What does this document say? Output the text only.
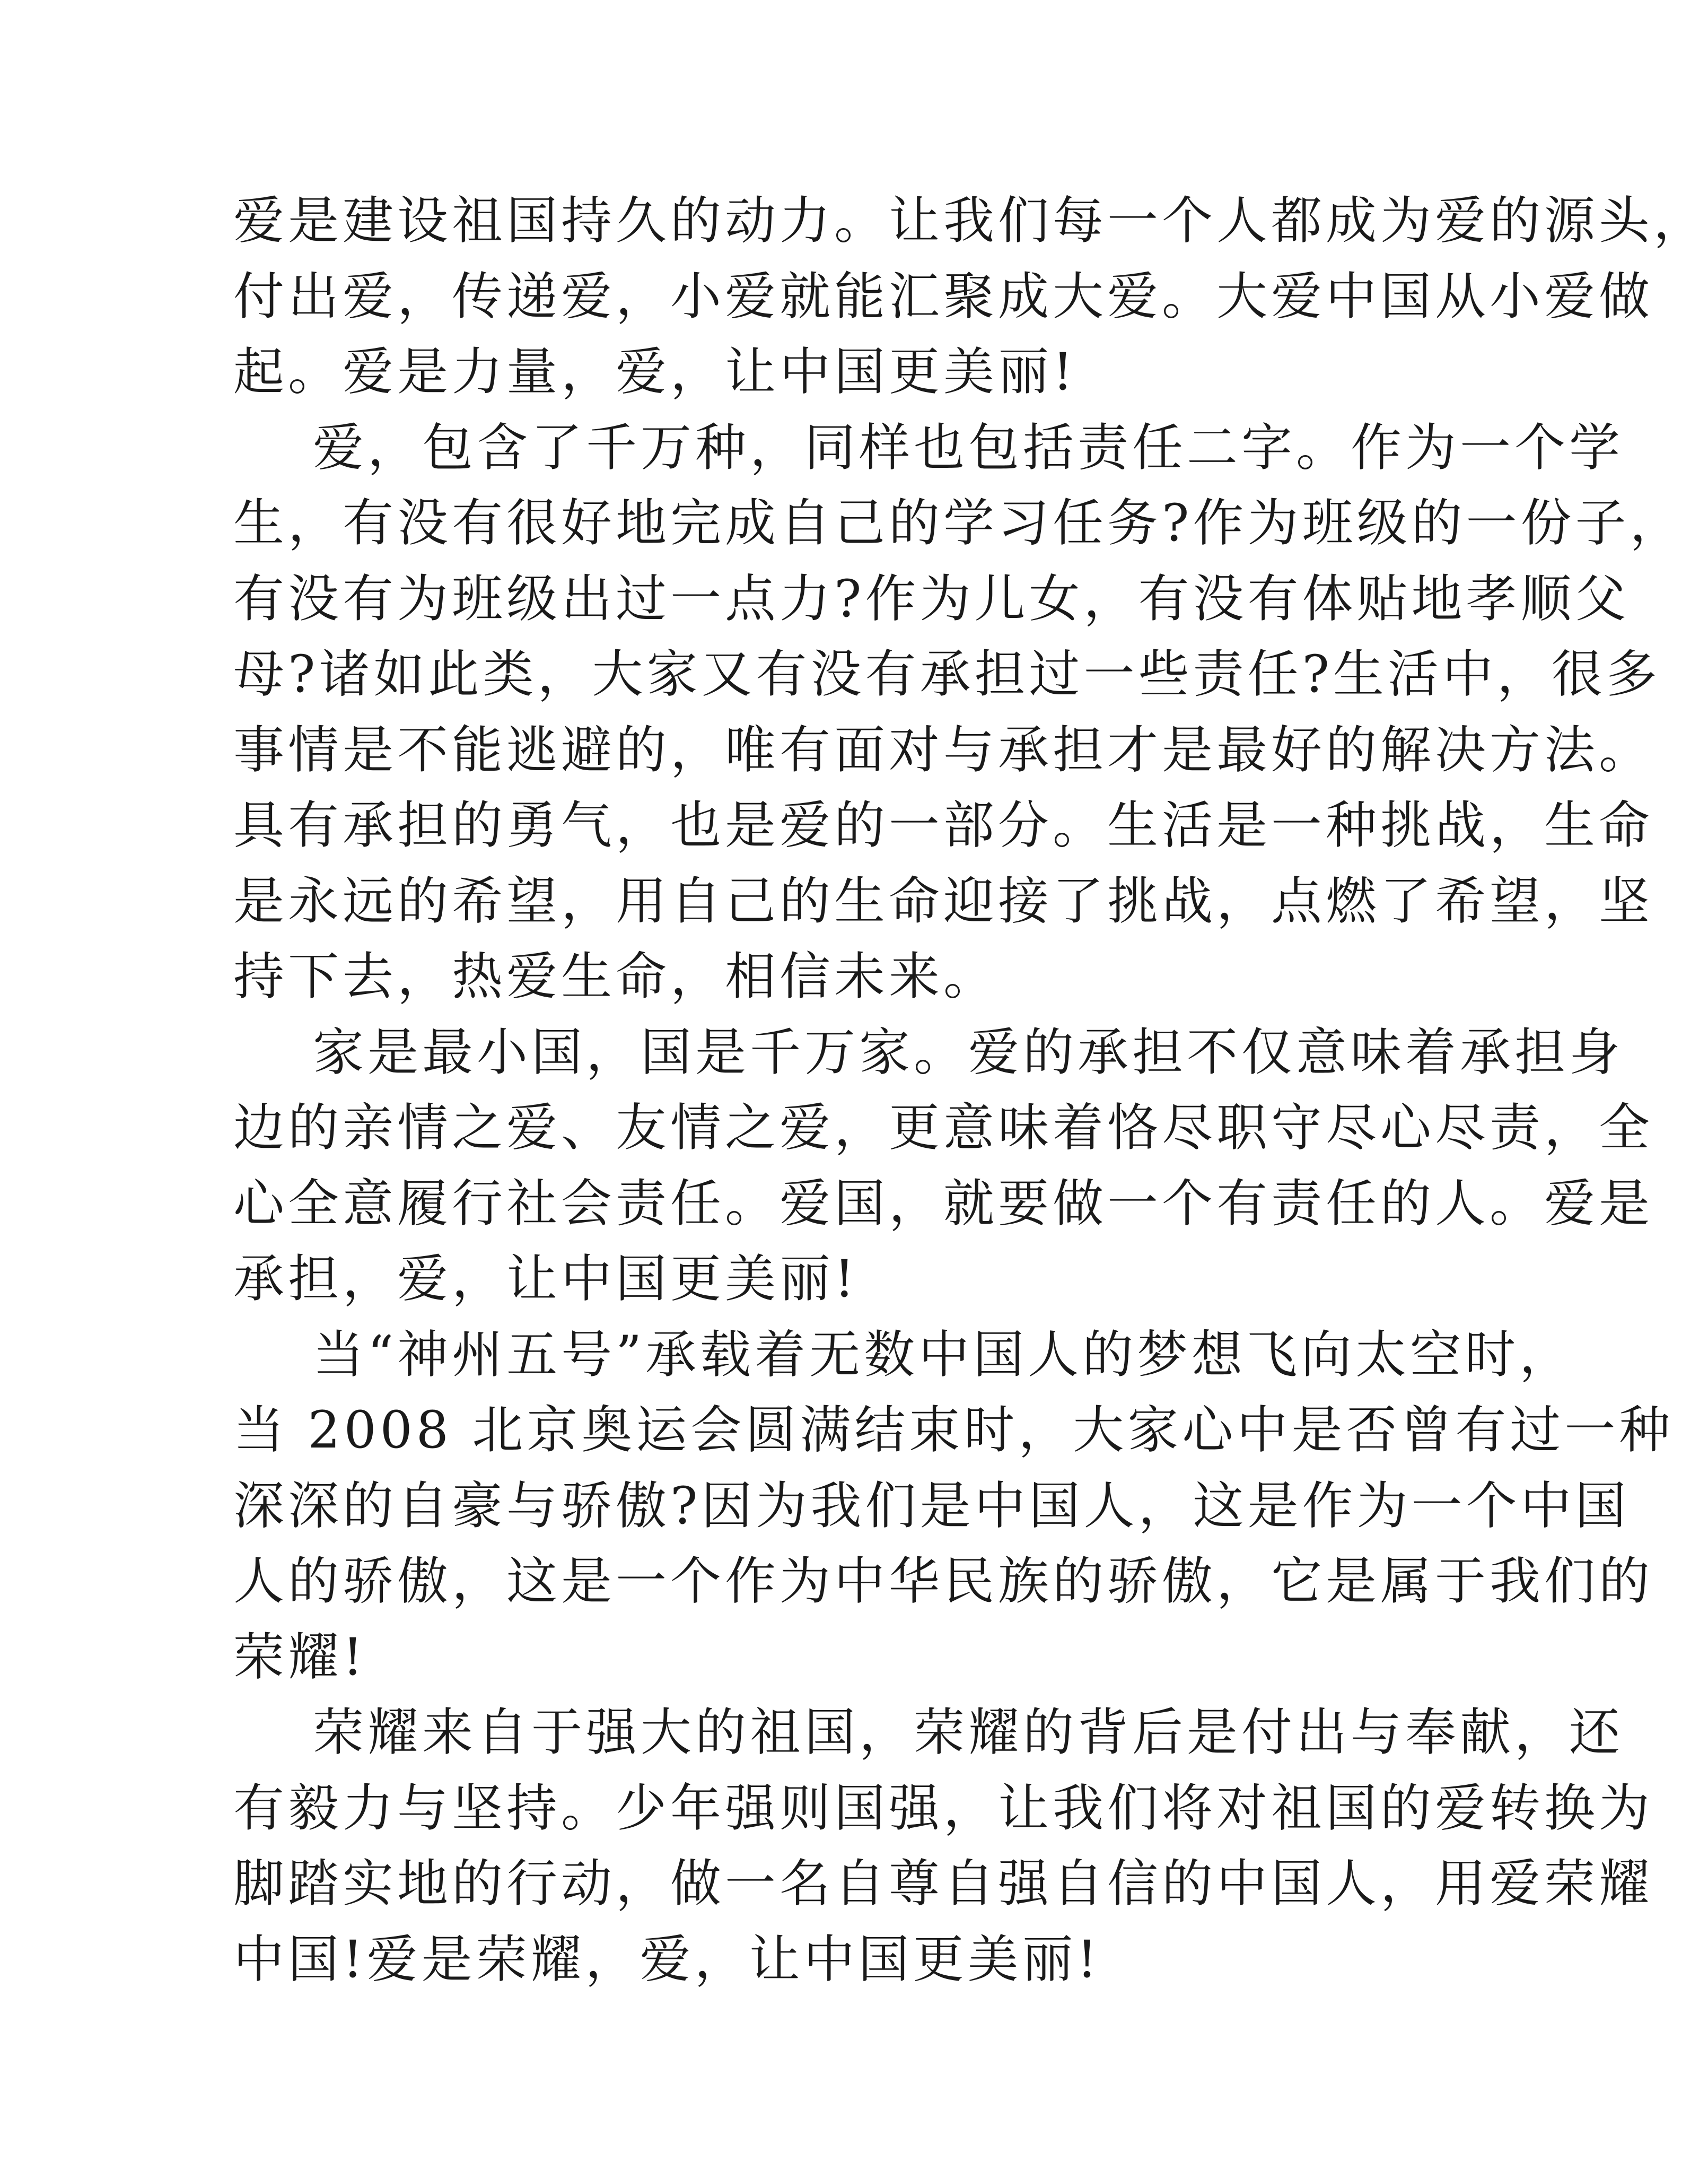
爱是建设祖国持久的动力。让我们每一个人都成为爱的源头，
付出爱，传递爱，小爱就能汇聚成大爱。大爱中国从小爱做
起。爱是力量，爱，让中国更美丽!
爱，包含了千万种，同样也包括责任二字。作为一个学
生，有没有很好地完成自己的学习任务?作为班级的一份子，
有没有为班级出过一点力?作为儿女，有没有体贴地孝顺父
母?诸如此类，大家又有没有承担过一些责任?生活中，很多
事情是不能逃避的，唯有面对与承担才是最好的解决方法。
具有承担的勇气，也是爱的一部分。生活是一种挑战，生命
是永远的希望，用自己的生命迎接了挑战，点燃了希望，坚
持下去，热爱生命，相信未来。
家是最小国，国是千万家。爱的承担不仅意味着承担身
边的亲情之爱、友情之爱，更意味着恪尽职守尽心尽责，全
心全意履行社会责任。爱国，就要做一个有责任的人。爱是
承担，爱，让中国更美丽!
当“神州五号”承载着无数中国人的梦想飞向太空时，
当 2008 北京奥运会圆满结束时，大家心中是否曾有过一种
深深的自豪与骄傲?因为我们是中国人，这是作为一个中国
人的骄傲，这是一个作为中华民族的骄傲，它是属于我们的
荣耀!
荣耀来自于强大的祖国，荣耀的背后是付出与奉献，还
有毅力与坚持。少年强则国强，让我们将对祖国的爱转换为
脚踏实地的行动，做一名自尊自强自信的中国人，用爱荣耀
中国!爱是荣耀，爱，让中国更美丽!
